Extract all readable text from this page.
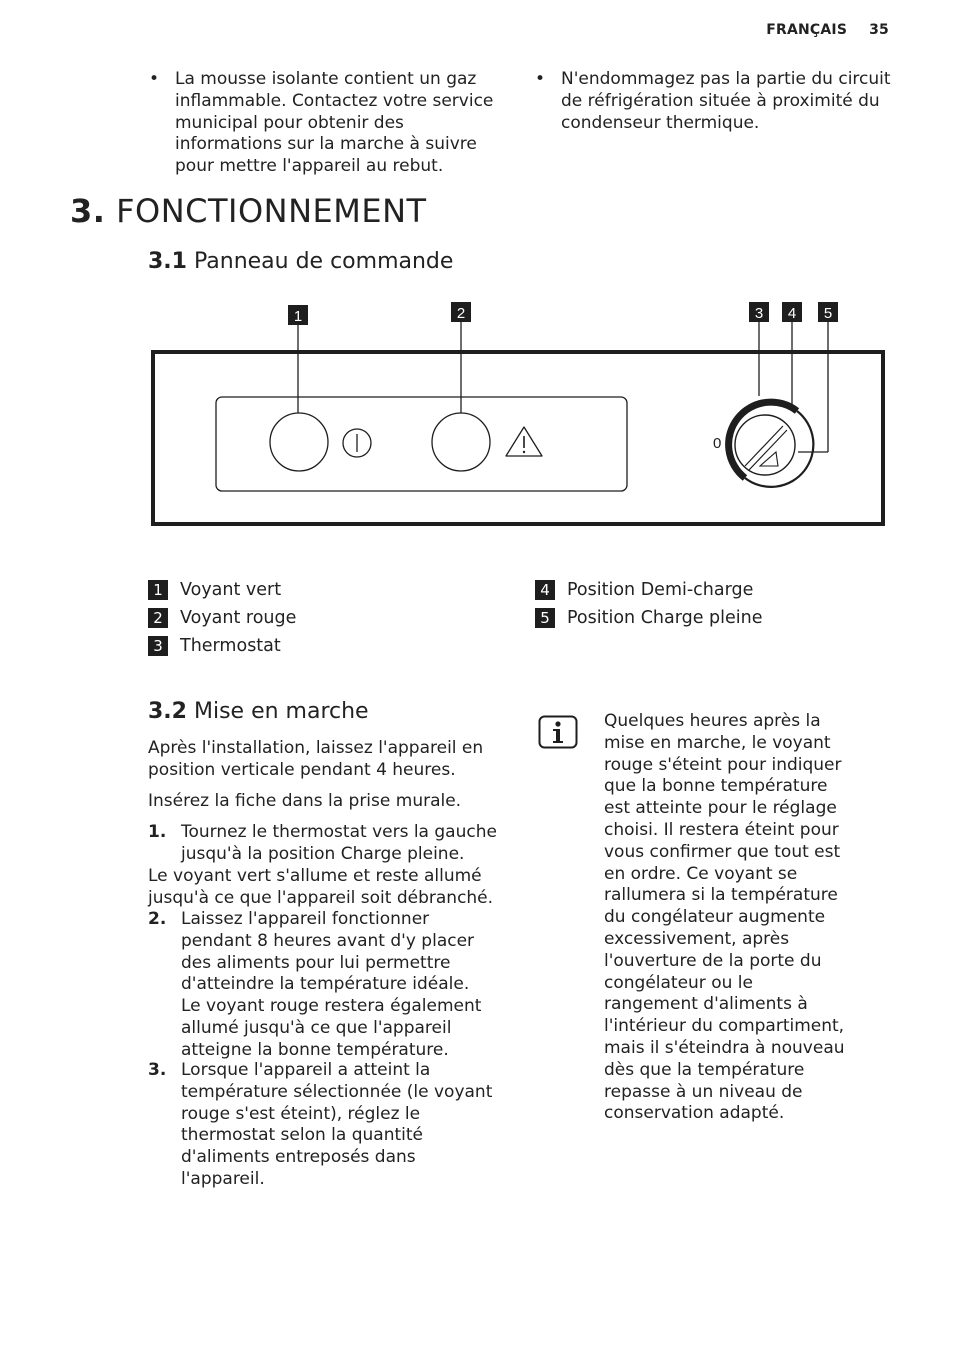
FRANÇAIS 35
• La mousse isolante contient un gaz inflammable. Contactez votre service municipal pour obtenir des informations sur la marche à suivre pour mettre l'appareil au rebut.
• N'endommagez pas la partie du circuit de réfrigération située à proximité du condenseur thermique.
3. FONCTIONNEMENT
3.1 Panneau de commande
0
1	2	3 4 5
1 Voyant vert
2 Voyant rouge
3 Thermostat
4 Position Demi-charge
5 Position Charge pleine
3.2 Mise en marche
Après l'installation, laissez l'appareil en position verticale pendant 4 heures.
Insérez la fiche dans la prise murale.
1. Tournez le thermostat vers la gauche jusqu'à la position Charge pleine.
Le voyant vert s'allume et reste allumé jusqu'à ce que l'appareil soit débranché.
2. Laissez l'appareil fonctionner pendant 8 heures avant d'y placer des aliments pour lui permettre d'atteindre la température idéale. Le voyant rouge restera également allumé jusqu'à ce que l'appareil atteigne la bonne température.
3. Lorsque l'appareil a atteint la température sélectionnée (le voyant rouge s'est éteint), réglez le thermostat selon la quantité d'aliments entreposés dans l'appareil.
Quelques heures après la mise en marche, le voyant rouge s'éteint pour indiquer que la bonne température est atteinte pour le réglage choisi. Il restera éteint pour vous confirmer que tout est en ordre. Ce voyant se rallumera si la température du congélateur augmente excessivement, après l'ouverture de la porte du congélateur ou le rangement d'aliments à l'intérieur du compartiment, mais il s'éteindra à nouveau dès que la température repasse à un niveau de conservation adapté.
